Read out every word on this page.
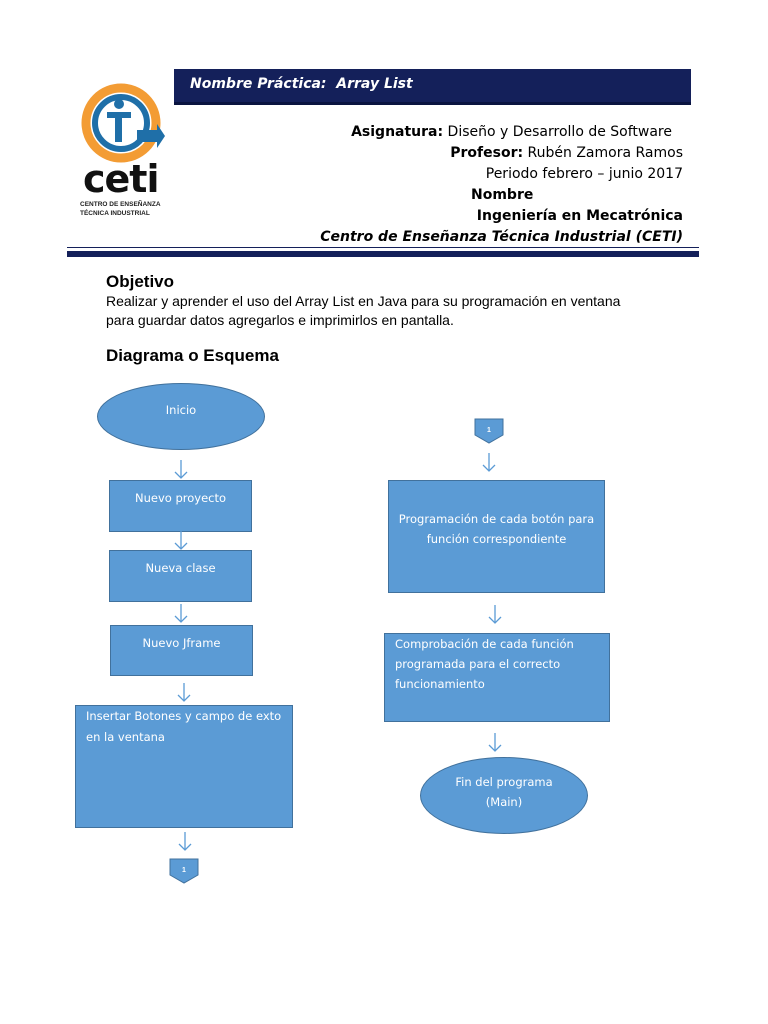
Nombre Práctica:  Array List
ceti
CENTRO DE ENSEÑANZA
TÉCNICA INDUSTRIAL
Asignatura: Diseño y Desarrollo de Software
Profesor: Rubén Zamora Ramos
Periodo febrero – junio 2017
Nombre
Ingeniería en Mecatrónica
Centro de Enseñanza Técnica Industrial (CETI)
Objetivo
Realizar y aprender el uso del Array List en Java para su programación en ventana
para guardar datos agregarlos e imprimirlos en pantalla.
Diagrama o Esquema
Inicio
Nuevo proyecto
Nueva clase
Nuevo Jframe
Insertar Botones y campo de exto
en la ventana
1
1
Programación de cada botón para
función correspondiente
Comprobación de cada función
programada para el correcto
funcionamiento
Fin del programa
(Main)
